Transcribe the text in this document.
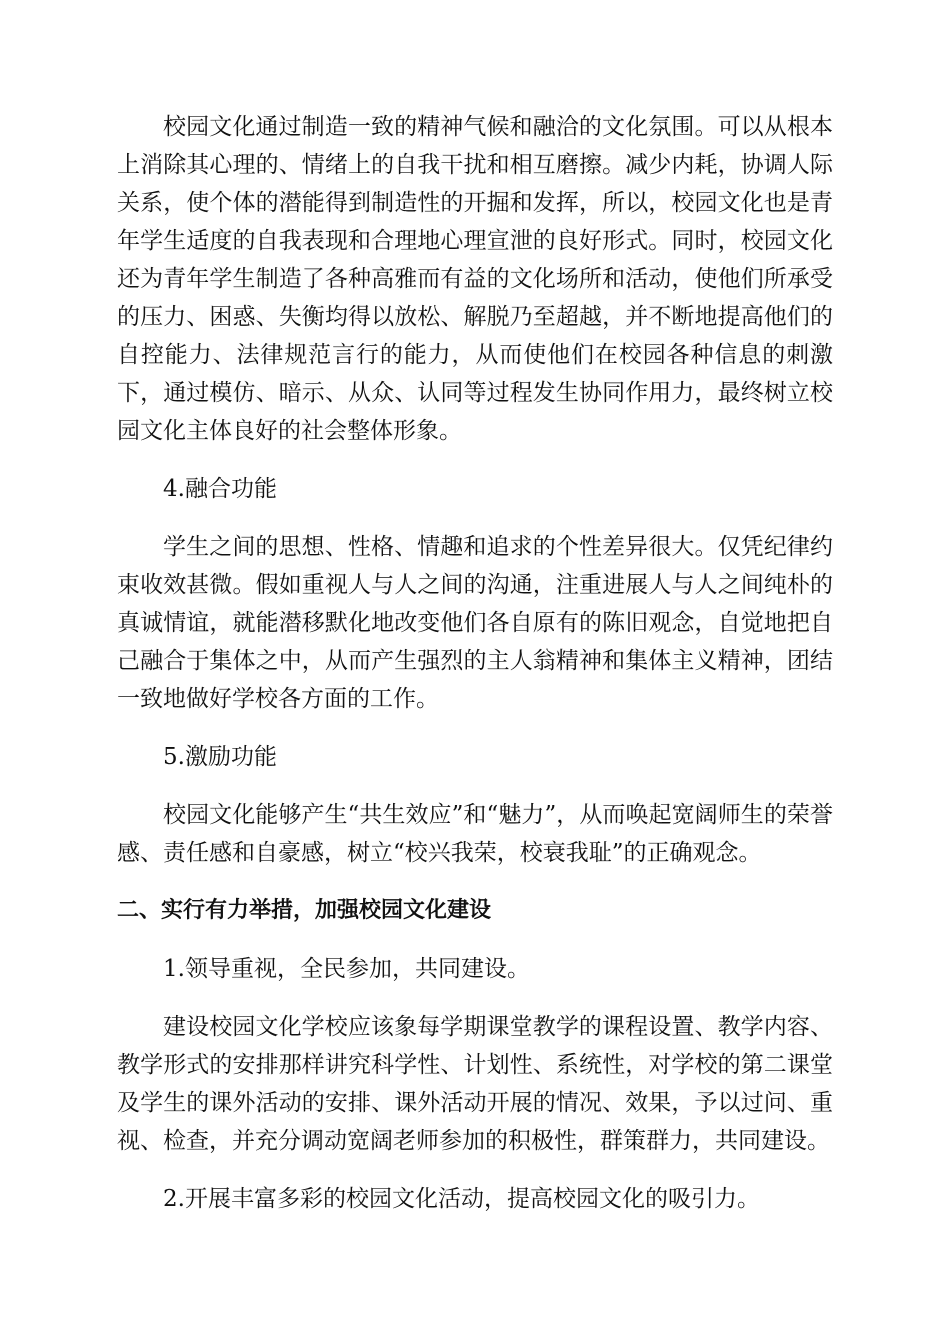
校园文化通过制造一致的精神气候和融洽的文化氛围。可以从根本上消除其心理的、情绪上的自我干扰和相互磨擦。减少内耗，协调人际关系，使个体的潜能得到制造性的开掘和发挥，所以，校园文化也是青年学生适度的自我表现和合理地心理宣泄的良好形式。同时，校园文化还为青年学生制造了各种高雅而有益的文化场所和活动，使他们所承受的压力、困惑、失衡均得以放松、解脱乃至超越，并不断地提高他们的自控能力、法律规范言行的能力，从而使他们在校园各种信息的刺激下，通过模仿、暗示、从众、认同等过程发生协同作用力，最终树立校园文化主体良好的社会整体形象。

4.融合功能

学生之间的思想、性格、情趣和追求的个性差异很大。仅凭纪律约束收效甚微。假如重视人与人之间的沟通，注重进展人与人之间纯朴的真诚情谊，就能潜移默化地改变他们各自原有的陈旧观念，自觉地把自己融合于集体之中，从而产生强烈的主人翁精神和集体主义精神，团结一致地做好学校各方面的工作。

5.激励功能

校园文化能够产生“共生效应”和“魅力”，从而唤起宽阔师生的荣誉感、责任感和自豪感，树立“校兴我荣，校衰我耻”的正确观念。

二、实行有力举措，加强校园文化建设

1.领导重视，全民参加，共同建设。

建设校园文化学校应该象每学期课堂教学的课程设置、教学内容、教学形式的安排那样讲究科学性、计划性、系统性，对学校的第二课堂及学生的课外活动的安排、课外活动开展的情况、效果，予以过问、重视、检查，并充分调动宽阔老师参加的积极性，群策群力，共同建设。

2.开展丰富多彩的校园文化活动，提高校园文化的吸引力。
